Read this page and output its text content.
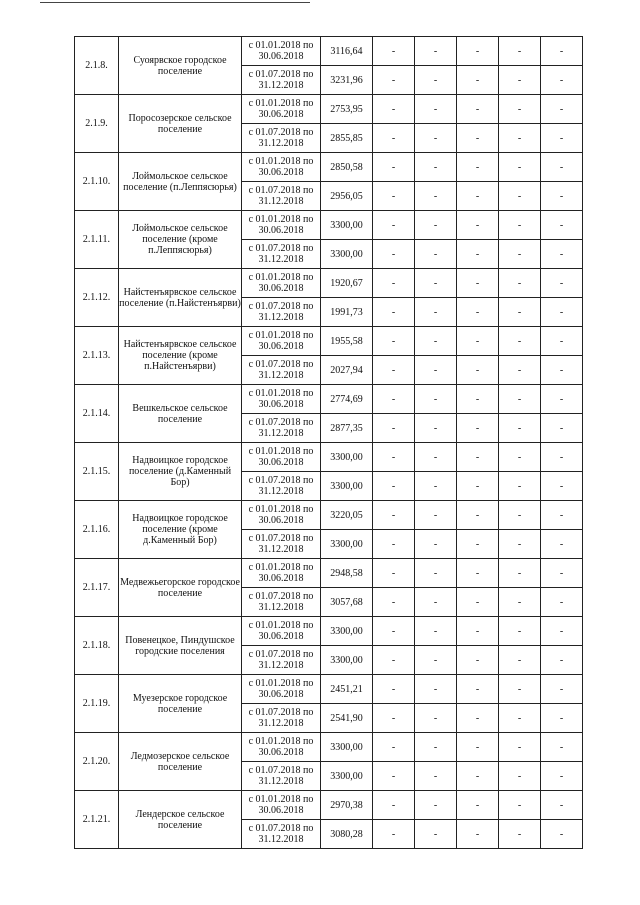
2.1.8.	Суоярвское городское поселение	с 01.01.2018 по 30.06.2018	3116,64	-	-	-	-	-
		с 01.07.2018 по 31.12.2018	3231,96	-	-	-	-	-
2.1.9.	Поросозерское сельское поселение	с 01.01.2018 по 30.06.2018	2753,95	-	-	-	-	-
		с 01.07.2018 по 31.12.2018	2855,85	-	-	-	-	-
2.1.10.	Лоймольское сельское поселение (п.Леппясюрья)	с 01.01.2018 по 30.06.2018	2850,58	-	-	-	-	-
		с 01.07.2018 по 31.12.2018	2956,05	-	-	-	-	-
2.1.11.	Лоймольское сельское поселение (кроме п.Леппясюрья)	с 01.01.2018 по 30.06.2018	3300,00	-	-	-	-	-
		с 01.07.2018 по 31.12.2018	3300,00	-	-	-	-	-
2.1.12.	Найстенъярвское сельское поселение (п.Найстенъярви)	с 01.01.2018 по 30.06.2018	1920,67	-	-	-	-	-
		с 01.07.2018 по 31.12.2018	1991,73	-	-	-	-	-
2.1.13.	Найстенъярвское сельское поселение (кроме п.Найстенъярви)	с 01.01.2018 по 30.06.2018	1955,58	-	-	-	-	-
		с 01.07.2018 по 31.12.2018	2027,94	-	-	-	-	-
2.1.14.	Вешкельское сельское поселение	с 01.01.2018 по 30.06.2018	2774,69	-	-	-	-	-
		с 01.07.2018 по 31.12.2018	2877,35	-	-	-	-	-
2.1.15.	Надвоицкое городское поселение (д.Каменный Бор)	с 01.01.2018 по 30.06.2018	3300,00	-	-	-	-	-
		с 01.07.2018 по 31.12.2018	3300,00	-	-	-	-	-
2.1.16.	Надвоицкое городское поселение (кроме д.Каменный Бор)	с 01.01.2018 по 30.06.2018	3220,05	-	-	-	-	-
		с 01.07.2018 по 31.12.2018	3300,00	-	-	-	-	-
2.1.17.	Медвежьегорское городское поселение	с 01.01.2018 по 30.06.2018	2948,58	-	-	-	-	-
		с 01.07.2018 по 31.12.2018	3057,68	-	-	-	-	-
2.1.18.	Повенецкое, Пиндушское городские поселения	с 01.01.2018 по 30.06.2018	3300,00	-	-	-	-	-
		с 01.07.2018 по 31.12.2018	3300,00	-	-	-	-	-
2.1.19.	Муезерское городское поселение	с 01.01.2018 по 30.06.2018	2451,21	-	-	-	-	-
		с 01.07.2018 по 31.12.2018	2541,90	-	-	-	-	-
2.1.20.	Ледмозерское сельское поселение	с 01.01.2018 по 30.06.2018	3300,00	-	-	-	-	-
		с 01.07.2018 по 31.12.2018	3300,00	-	-	-	-	-
2.1.21.	Лендерское сельское поселение	с 01.01.2018 по 30.06.2018	2970,38	-	-	-	-	-
		с 01.07.2018 по 31.12.2018	3080,28	-	-	-	-	-
